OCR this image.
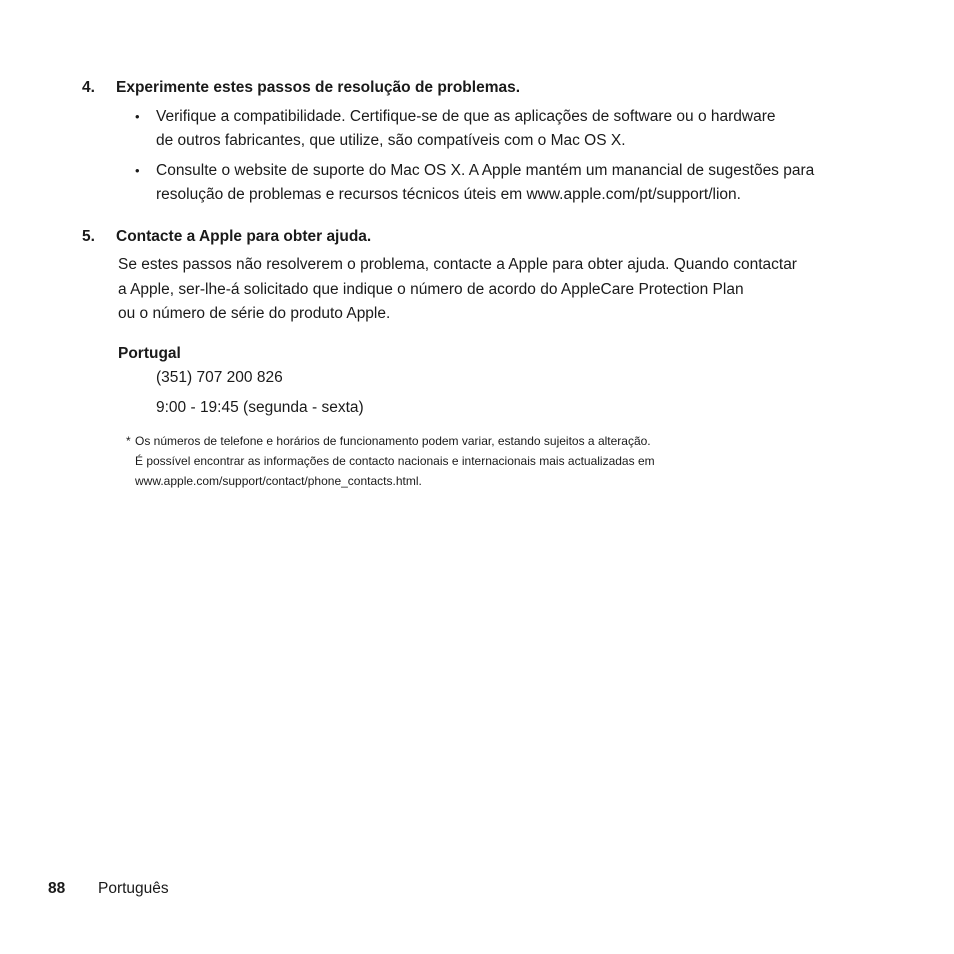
4. Experimente estes passos de resolução de problemas.
• Verifique a compatibilidade. Certifique-se de que as aplicações de software ou o hardware
de outros fabricantes, que utilize, são compatíveis com o Mac OS X.
• Consulte o website de suporte do Mac OS X. A Apple mantém um manancial de sugestões para
resolução de problemas e recursos técnicos úteis em www.apple.com/pt/support/lion.
5. Contacte a Apple para obter ajuda.
Se estes passos não resolverem o problema, contacte a Apple para obter ajuda. Quando contactar
a Apple, ser-lhe-á solicitado que indique o número de acordo do AppleCare Protection Plan
ou o número de série do produto Apple.
Portugal
(351) 707 200 826
9:00 - 19:45 (segunda - sexta)
* Os números de telefone e horários de funcionamento podem variar, estando sujeitos a alteração.
É possível encontrar as informações de contacto nacionais e internacionais mais actualizadas em
www.apple.com/support/contact/phone_contacts.html.
88 Português
